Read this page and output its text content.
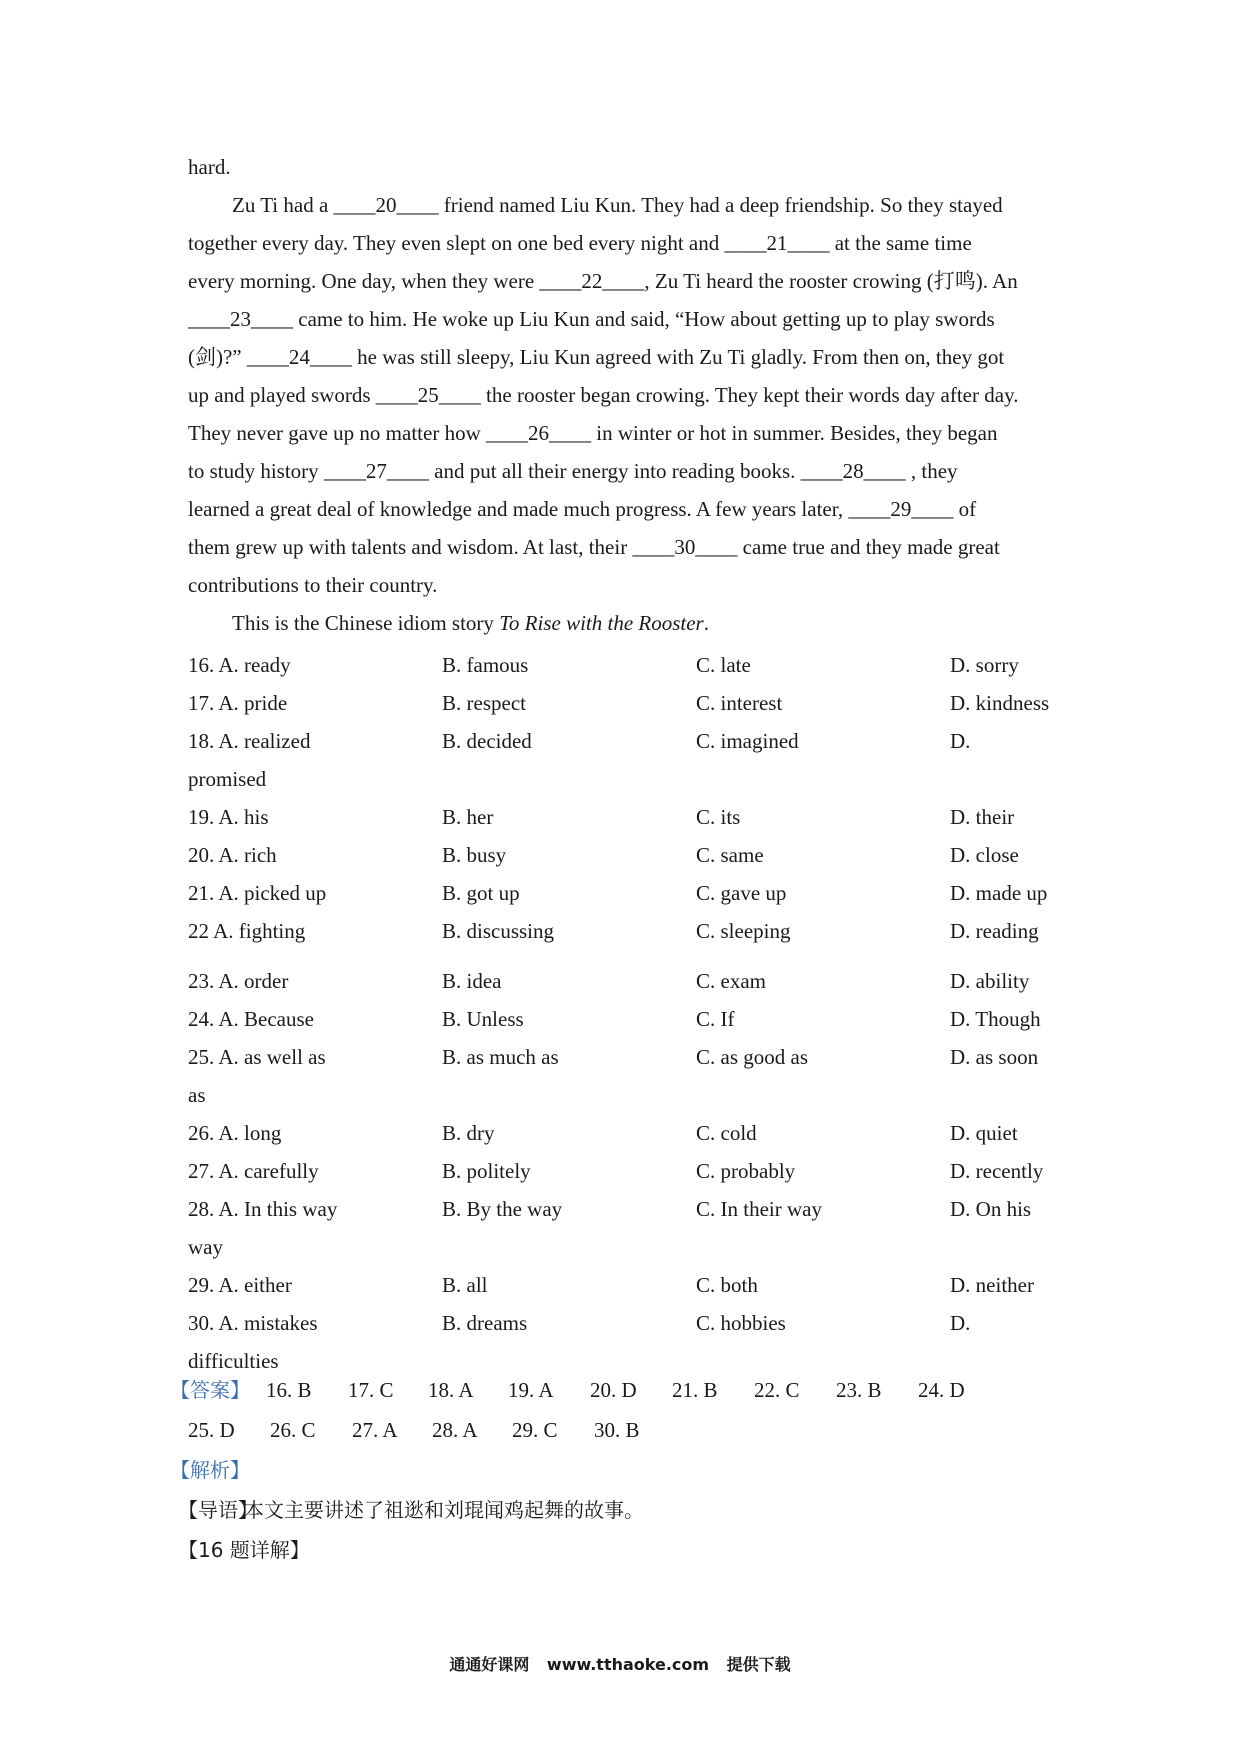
hard.
Zu Ti had a ____20____ friend named Liu Kun. They had a deep friendship. So they stayed
together every day. They even slept on one bed every night and ____21____ at the same time
every morning. One day, when they were ____22____, Zu Ti heard the rooster crowing (打鸣). An
____23____ came to him. He woke up Liu Kun and said, “How about getting up to play swords
(剑)?” ____24____ he was still sleepy, Liu Kun agreed with Zu Ti gladly. From then on, they got
up and played swords ____25____ the rooster began crowing. They kept their words day after day.
They never gave up no matter how ____26____ in winter or hot in summer. Besides, they began
to study history ____27____ and put all their energy into reading books. ____28____ , they
learned a great deal of knowledge and made much progress. A few years later, ____29____ of
them grew up with talents and wisdom. At last, their ____30____ came true and they made great
contributions to their country.
This is the Chinese idiom story To Rise with the Rooster.
16. A. ready	B. famous	C. late	D. sorry
17. A. pride	B. respect	C. interest	D. kindness
18. A. realized	B. decided	C. imagined	D.
promised
19. A. his	B. her	C. its	D. their
20. A. rich	B. busy	C. same	D. close
21. A. picked up	B. got up	C. gave up	D. made up
22 A. fighting	B. discussing	C. sleeping	D. reading
23. A. order	B. idea	C. exam	D. ability
24. A. Because	B. Unless	C. If	D. Though
25. A. as well as	B. as much as	C. as good as	D. as soon
as
26. A. long	B. dry	C. cold	D. quiet
27. A. carefully	B. politely	C. probably	D. recently
28. A. In this way	B. By the way	C. In their way	D. On his
way
29. A. either	B. all	C. both	D. neither
30. A. mistakes	B. dreams	C. hobbies	D.
difficulties
【答案】 16. B 17. C 18. A 19. A 20. D 21. B 22. C 23. B 24. D
25. D 26. C 27. A 28. A 29. C 30. B
【解析】
【导语】
本文主要讲述了祖逖和刘琨闻鸡起舞的故事。
【16 题详解】
通通好课网 www.tthaoke.com 提供下载
